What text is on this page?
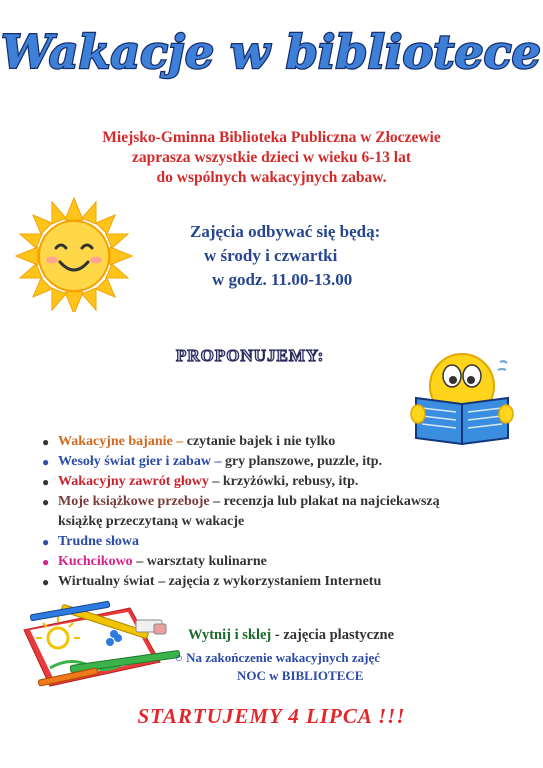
Wakacje w bibliotece
Miejsko-Gminna Biblioteka Publiczna w Złoczewie
zaprasza wszystkie dzieci w wieku 6-13 lat
do wspólnych wakacyjnych zabaw.
Zajęcia odbywać się będą:
w środy i czwartki
w godz. 11.00-13.00
PROPONUJEMY:
● Wakacyjne bajanie – czytanie bajek i nie tylko
● Wesoły świat gier i zabaw – gry planszowe, puzzle, itp.
● Wakacyjny zawrót głowy – krzyżówki, rebusy, itp.
● Moje książkowe przeboje – recenzja lub plakat na najciekawszą
książkę przeczytaną w wakacje
● Trudne słowa
● Kuchcikowo – warsztaty kulinarne
● Wirtualny świat – zajęcia z wykorzystaniem Internetu
Wytnij i sklej - zajęcia plastyczne
○ Na zakończenie wakacyjnych zajęć
NOC w BIBLIOTECE
STARTUJEMY 4 LIPCA !!!
